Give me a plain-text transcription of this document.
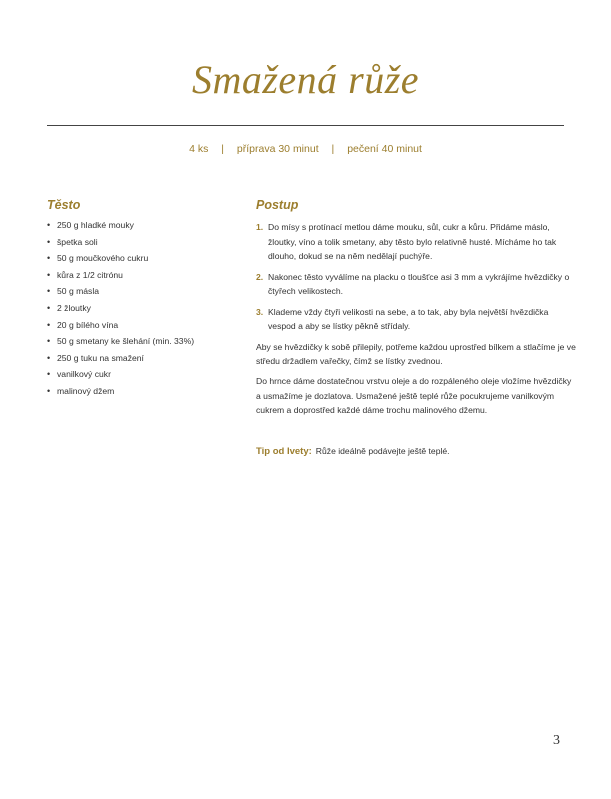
Smažená růže
4 ks | příprava 30 minut | pečení 40 minut
Těsto
• 250 g hladké mouky
• špetka soli
• 50 g moučkového cukru
• kůra z 1/2 citrónu
• 50 g másla
• 2 žloutky
• 20 g bílého vína
• 50 g smetany ke šlehání (min. 33%)
• 250 g tuku na smažení
• vanilkový cukr
• malinový džem
Postup
1. Do mísy s protínací metlou dáme mouku, sůl, cukr a kůru. Přidáme máslo, žloutky, víno a tolik smetany, aby těsto bylo relativně husté. Mícháme ho tak dlouho, dokud se na něm nedělají puchýře.
2. Nakonec těsto vyválíme na placku o tloušťce asi 3 mm a vykrájíme hvězdičky o čtyřech velikostech.
3. Klademe vždy čtyři velikosti na sebe, a to tak, aby byla největší hvězdička vespod a aby se lístky pěkně střídaly.

Aby se hvězdičky k sobě přilepily, potřeme každou uprostřed bílkem a stlačíme je ve středu držadlem vařečky, čímž se lístky zvednou.

Do hrnce dáme dostatečnou vrstvu oleje a do rozpáleného oleje vložíme hvězdičky a usmažíme je dozlatova. Usmažené ještě teplé růže pocukrujeme vanilkovým cukrem a doprostřed každé dáme trochu malinového džemu.

Tip od Ivety: Růže ideálně podávejte ještě teplé.
3
